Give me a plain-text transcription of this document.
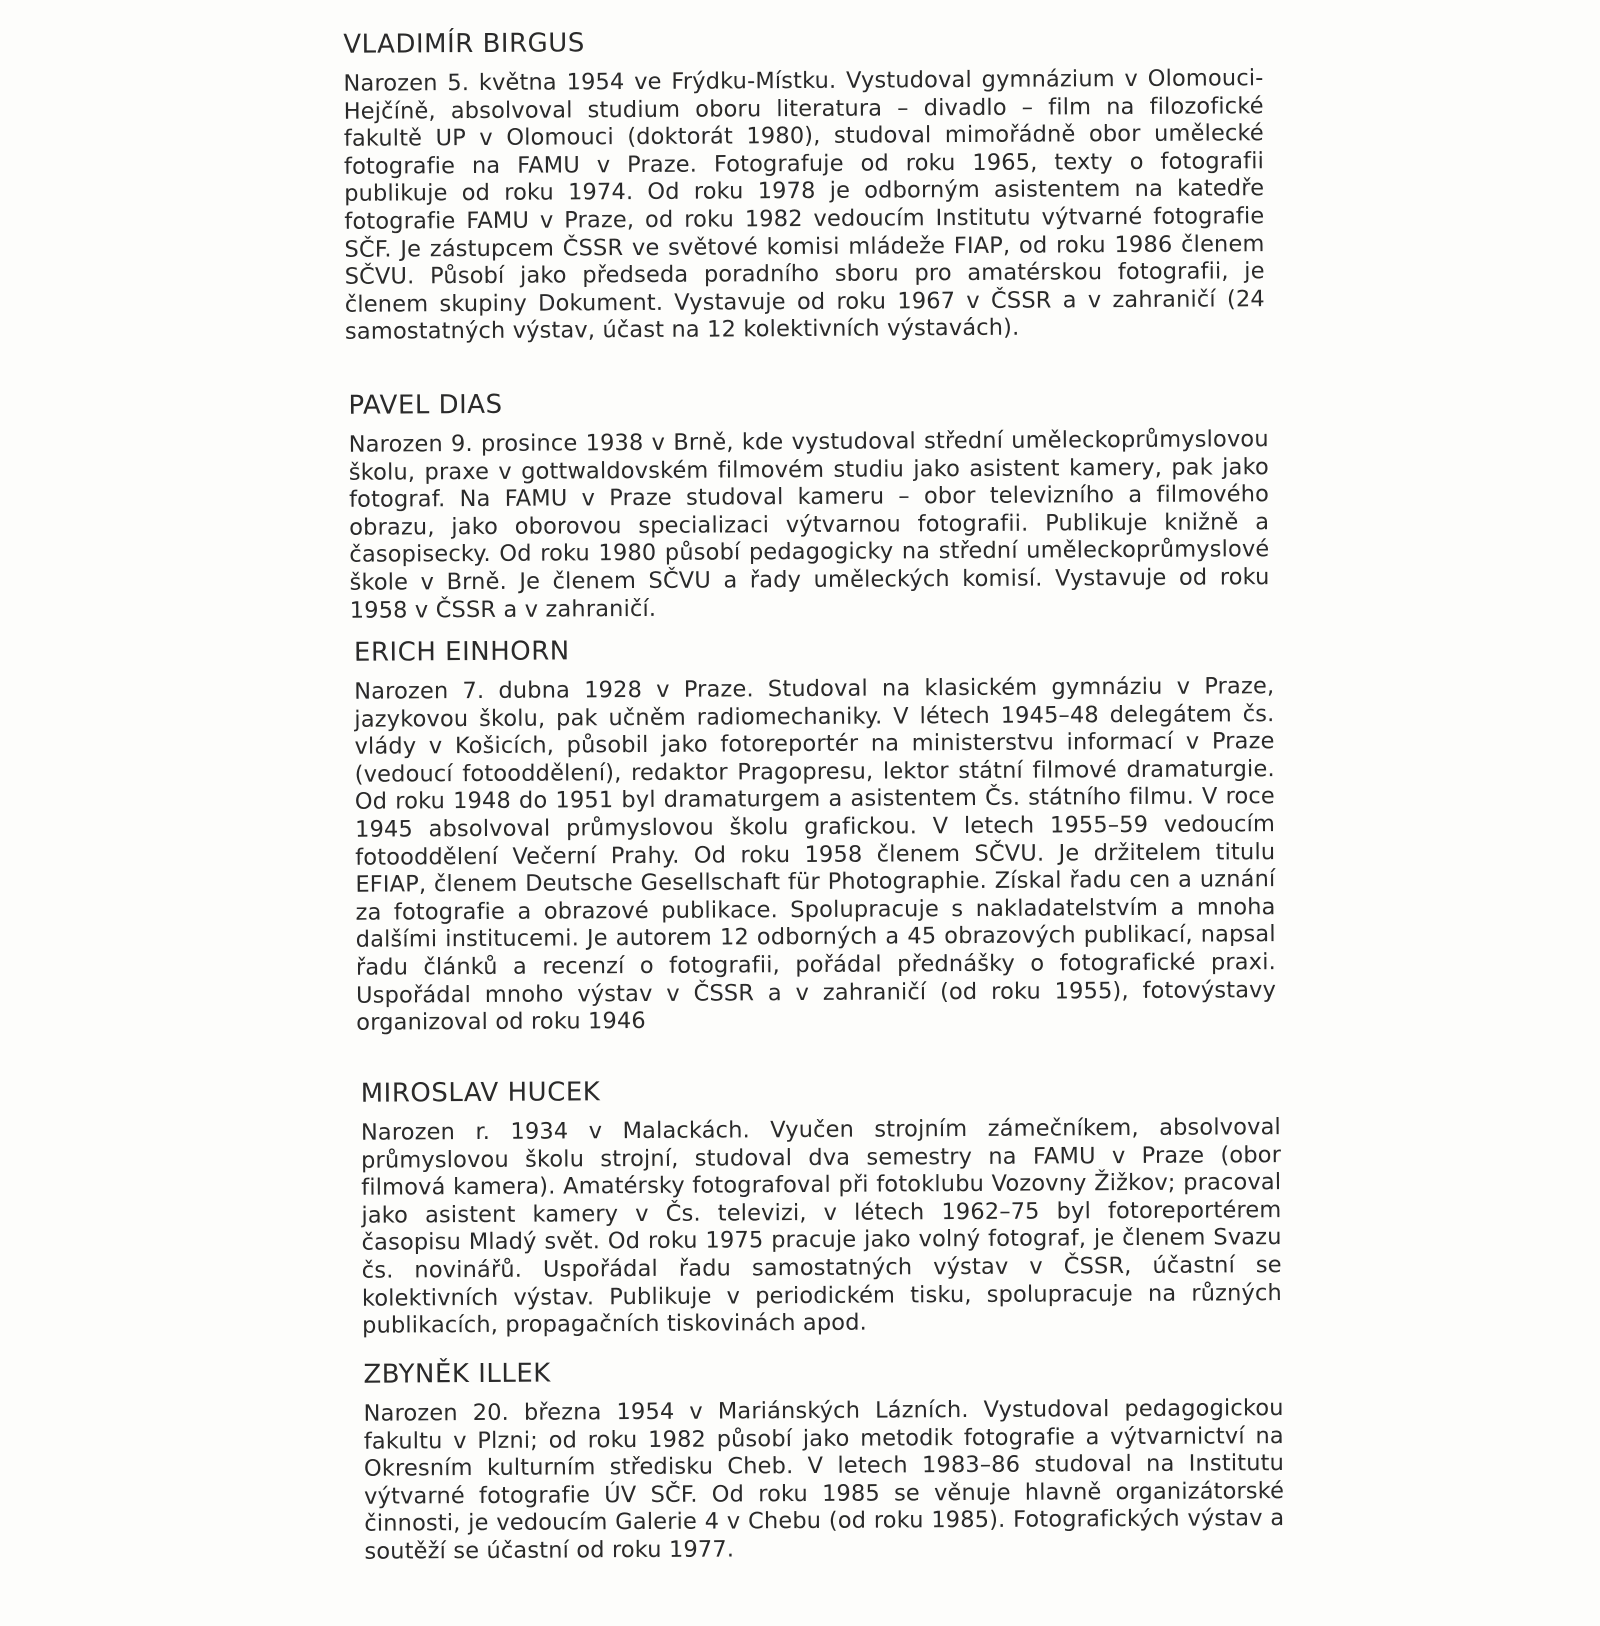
VLADIMÍR BIRGUS

Narozen 5. května 1954 ve Frýdku-Místku. Vystudoval gymnázium v Olomouci-Hejčíně, absolvoval studium oboru literatura – divadlo – film na filozofické fakultě UP v Olomouci (doktorát 1980), studoval mimořádně obor umělecké fotografie na FAMU v Praze. Fotografuje od roku 1965, texty o fotografii publikuje od roku 1974. Od roku 1978 je odborným asistentem na katedře fotografie FAMU v Praze, od roku 1982 vedoucím Institutu výtvarné fotografie SČF. Je zástupcem ČSSR ve světové komisi mládeže FIAP, od roku 1986 členem SČVU. Působí jako předseda poradního sboru pro amatérskou fotografii, je členem skupiny Dokument. Vystavuje od roku 1967 v ČSSR a v zahraničí (24 samostatných výstav, účast na 12 kolektivních výstavách).

PAVEL DIAS

Narozen 9. prosince 1938 v Brně, kde vystudoval střední uměleckoprůmyslovou školu, praxe v gottwaldovském filmovém studiu jako asistent kamery, pak jako fotograf. Na FAMU v Praze studoval kameru – obor televizního a filmového obrazu, jako oborovou specializaci výtvarnou fotografii. Publikuje knižně a časopisecky. Od roku 1980 působí pedagogicky na střední uměleckoprůmyslové škole v Brně. Je členem SČVU a řady uměleckých komisí. Vystavuje od roku 1958 v ČSSR a v zahraničí.

ERICH EINHORN

Narozen 7. dubna 1928 v Praze. Studoval na klasickém gymnáziu v Praze, jazykovou školu, pak učněm radiomechaniky. V létech 1945–48 delegátem čs. vlády v Košicích, působil jako fotoreportér na ministerstvu informací v Praze (vedoucí fotooddělení), redaktor Pragopresu, lektor státní filmové dramaturgie. Od roku 1948 do 1951 byl dramaturgem a asistentem Čs. státního filmu. V roce 1945 absolvoval průmyslovou školu grafickou. V letech 1955–59 vedoucím fotooddělení Večerní Prahy. Od roku 1958 členem SČVU. Je držitelem titulu EFIAP, členem Deutsche Gesellschaft für Photographie. Získal řadu cen a uznání za fotografie a obrazové publikace. Spolupracuje s nakladatelstvím a mnoha dalšími institucemi. Je autorem 12 odborných a 45 obrazových publikací, napsal řadu článků a recenzí o fotografii, pořádal přednášky o fotografické praxi. Uspořádal mnoho výstav v ČSSR a v zahraničí (od roku 1955), fotovýstavy organizoval od roku 1946

MIROSLAV HUCEK

Narozen r. 1934 v Malackách. Vyučen strojním zámečníkem, absolvoval průmyslovou školu strojní, studoval dva semestry na FAMU v Praze (obor filmová kamera). Amatérsky fotografoval při fotoklubu Vozovny Žižkov; pracoval jako asistent kamery v Čs. televizi, v létech 1962–75 byl fotoreportérem časopisu Mladý svět. Od roku 1975 pracuje jako volný fotograf, je členem Svazu čs. novinářů. Uspořádal řadu samostatných výstav v ČSSR, účastní se kolektivních výstav. Publikuje v periodickém tisku, spolupracuje na různých publikacích, propagačních tiskovinách apod.

ZBYNĚK ILLEK

Narozen 20. března 1954 v Mariánských Lázních. Vystudoval pedagogickou fakultu v Plzni; od roku 1982 působí jako metodik fotografie a výtvarnictví na Okresním kulturním středisku Cheb. V letech 1983–86 studoval na Institutu výtvarné fotografie ÚV SČF. Od roku 1985 se věnuje hlavně organizátorské činnosti, je vedoucím Galerie 4 v Chebu (od roku 1985). Fotografických výstav a soutěží se účastní od roku 1977.
